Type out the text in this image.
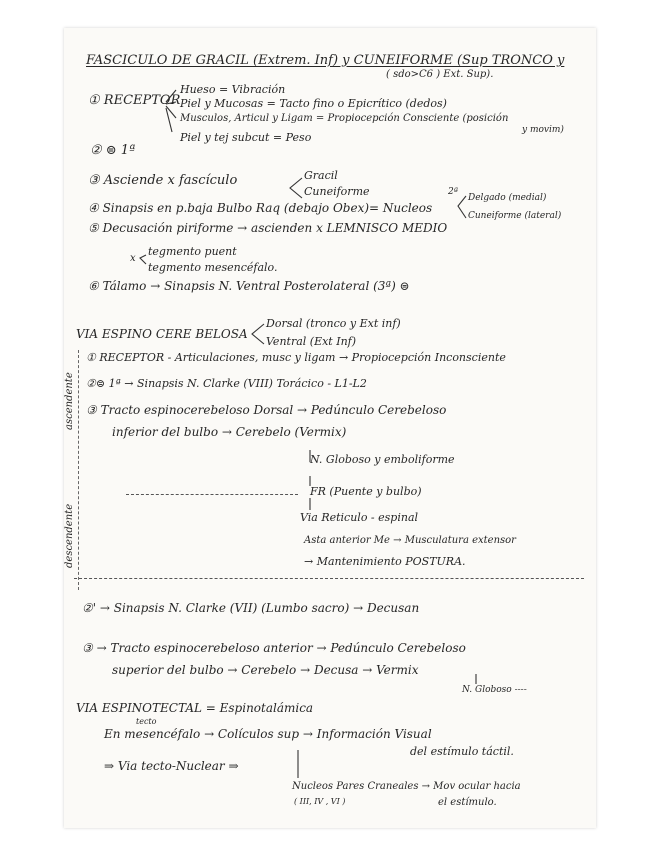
FASCICULO DE GRACIL (Extrem. Inf) y CUNEIFORME (Sup TRONCO y
( sdo>C6 ) Ext. Sup).
① RECEPTOR
Hueso = Vibración
Piel y Mucosas = Tacto fino o Epicrítico (dedos)
Musculos, Articul y Ligam = Propiocepción Consciente (posición
y movim)
Piel y tej subcut = Peso
② ⊜ 1ª
③ Asciende x fascículo	Gracil
Cuneiforme
④ Sinapsis en p.baja Bulbo Raq (debajo Obex)= Nucleos
2ª
Delgado (medial)
Cuneiforme (lateral)
⑤ Decusación piriforme → ascienden x LEMNISCO MEDIO
x
tegmento puent
tegmento mesencéfalo.
⑥ Tálamo → Sinapsis N. Ventral Posterolateral (3ª) ⊜
VIA ESPINO CERE BELOSA
Dorsal (tronco y Ext inf)
Ventral (Ext Inf)
ascendente
descendente
① RECEPTOR - Articulaciones, musc y ligam → Propiocepción Inconsciente
②⊜ 1ª → Sinapsis N. Clarke (VIII) Torácico - L1-L2
③ Tracto espinocerebeloso Dorsal → Pedúnculo Cerebeloso
inferior del bulbo → Cerebelo (Vermix)
N. Globoso y emboliforme
FR (Puente y bulbo)
Via Reticulo - espinal
Asta anterior Me → Musculatura extensor
→ Mantenimiento POSTURA.
②' → Sinapsis N. Clarke (VII) (Lumbo sacro) → Decusan
③ → Tracto espinocerebeloso anterior → Pedúnculo Cerebeloso
superior del bulbo → Cerebelo → Decusa → Vermix
N. Globoso ----
VIA ESPINOTECTAL = Espinotalámica
tecto
En mesencéfalo → Colículos sup → Información Visual
del estímulo táctil.
⇒ Via tecto-Nuclear ⇒
Nucleos Pares Craneales → Mov ocular hacia
el estímulo.
( III, IV , VI )
